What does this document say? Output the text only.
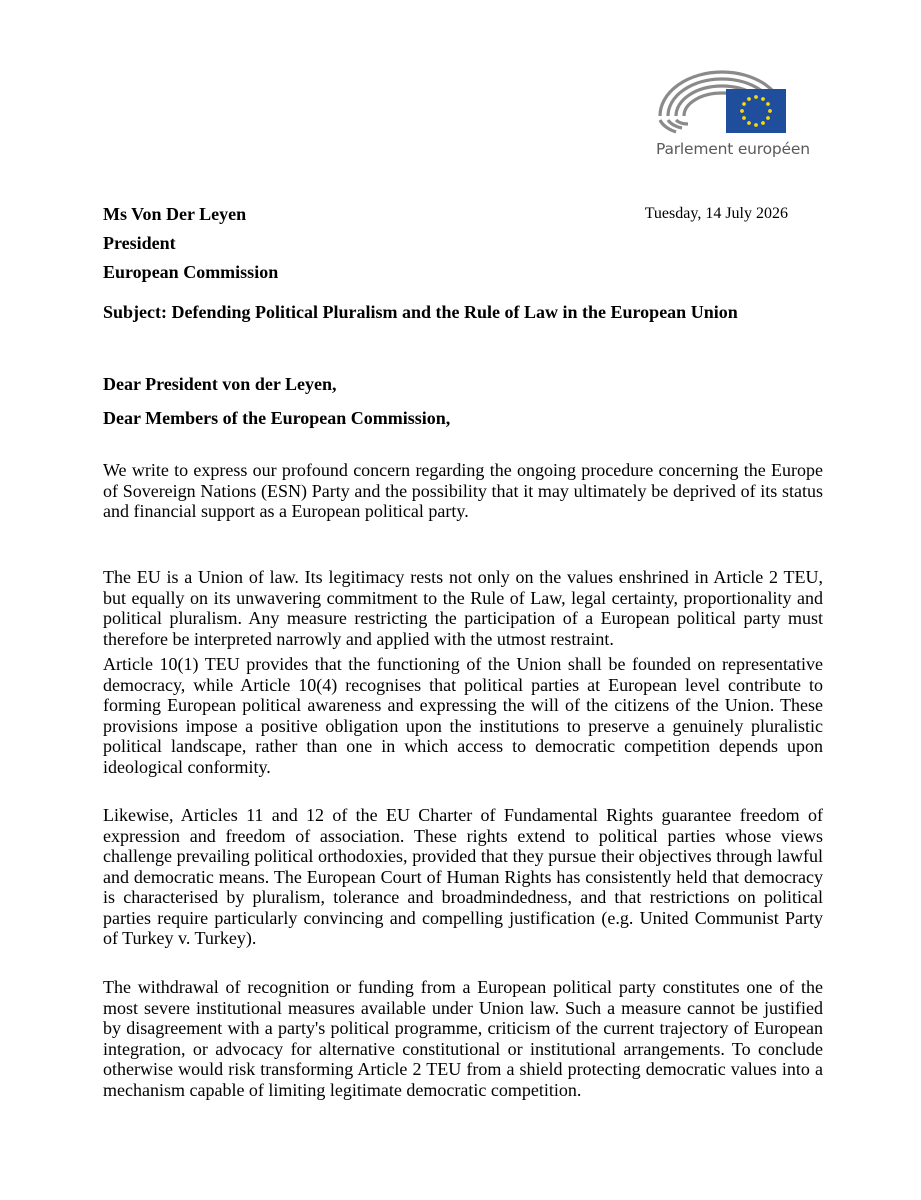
Parlement européen
Ms Von Der Leyen
President
European Commission
Tuesday, 14 July 2026
Subject: Defending Political Pluralism and the Rule of Law in the European Union
Dear President von der Leyen,
Dear Members of the European Commission,

We write to express our profound concern regarding the ongoing procedure concerning the Europe of Sovereign Nations (ESN) Party and the possibility that it may ultimately be deprived of its status and financial support as a European political party.

The EU is a Union of law. Its legitimacy rests not only on the values enshrined in Article 2 TEU, but equally on its unwavering commitment to the Rule of Law, legal certainty, proportionality and political pluralism. Any measure restricting the participation of a European political party must therefore be interpreted narrowly and applied with the utmost restraint.

Article 10(1) TEU provides that the functioning of the Union shall be founded on representative democracy, while Article 10(4) recognises that political parties at European level contribute to forming European political awareness and expressing the will of the citizens of the Union. These provisions impose a positive obligation upon the institutions to preserve a genuinely pluralistic political landscape, rather than one in which access to democratic competition depends upon ideological conformity.

Likewise, Articles 11 and 12 of the EU Charter of Fundamental Rights guarantee freedom of expression and freedom of association. These rights extend to political parties whose views challenge prevailing political orthodoxies, provided that they pursue their objectives through lawful and democratic means. The European Court of Human Rights has consistently held that democracy is characterised by pluralism, tolerance and broadmindedness, and that restrictions on political parties require particularly convincing and compelling justification (e.g. United Communist Party of Turkey v. Turkey).

The withdrawal of recognition or funding from a European political party constitutes one of the most severe institutional measures available under Union law. Such a measure cannot be justified by disagreement with a party's political programme, criticism of the current trajectory of European integration, or advocacy for alternative constitutional or institutional arrangements. To conclude otherwise would risk transforming Article 2 TEU from a shield protecting democratic values into a mechanism capable of limiting legitimate democratic competition.
